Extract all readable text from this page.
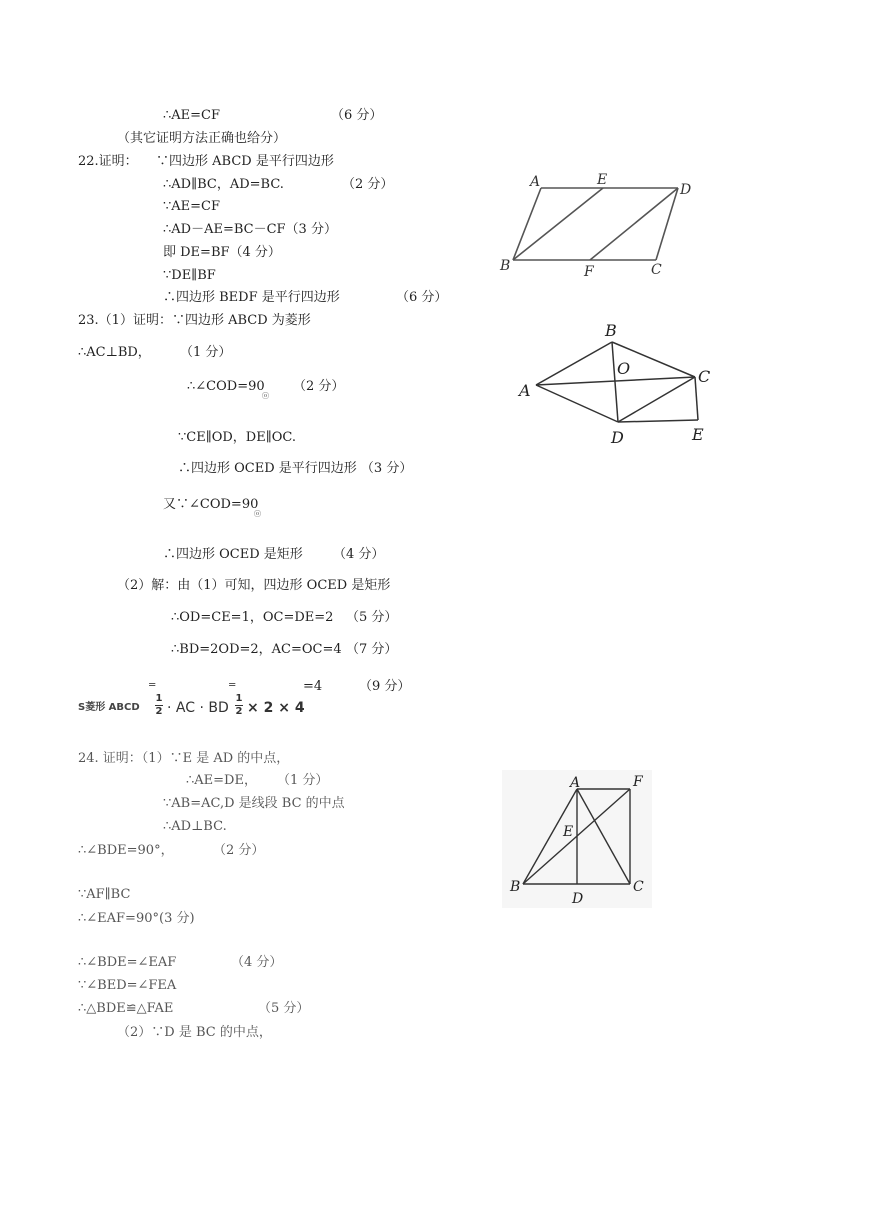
∴AE=CF	（6 分）
（其它证明方法正确也给分）
22.证明： ∵四边形 ABCD 是平行四边形
∴AD∥BC，AD=BC.	（2 分）
∵AE=CF
∴AD－AE=BC－CF（3 分）
即 DE=BF（4 分）
∵DE∥BF
∴四边形 BEDF 是平行四边形	（6 分）
A	E
D
B	F	C
23.（1）证明：∵四边形 ABCD 为菱形
∴AC⊥BD， （1 分）
∴∠COD=90
ⓞ
（2 分）
∵CE∥OD，DE∥OC.
∴四边形 OCED 是平行四边形 （3 分）
又∵∠COD=90
ⓞ
∴四边形 OCED 是矩形 （4 分）
（2）解：由（1）可知，四边形 OCED 是矩形
∴OD=CE=1，OC=DE=2 （5 分）
∴BD=2OD=2，AC=OC=4 （7 分）
=	=	=4	（9 分）
S菱形 ABCD
1
2 · AC · BD
1
2 × 2 × 4
B
O
A
C
D	E
24. 证明：（1）∵E 是 AD 的中点，
∴AE=DE， （1 分）
∵AB=AC,D 是线段 BC 的中点
∴AD⊥BC.
∴∠BDE=90°，	（2 分）
∵AF∥BC
∴∠EAF=90°(3 分)
∴∠BDE=∠EAF	（4 分）
∵∠BED=∠FEA
∴△BDE≌△FAE	（5 分）
（2）∵D 是 BC 的中点，
A	F
E
B
D
C
